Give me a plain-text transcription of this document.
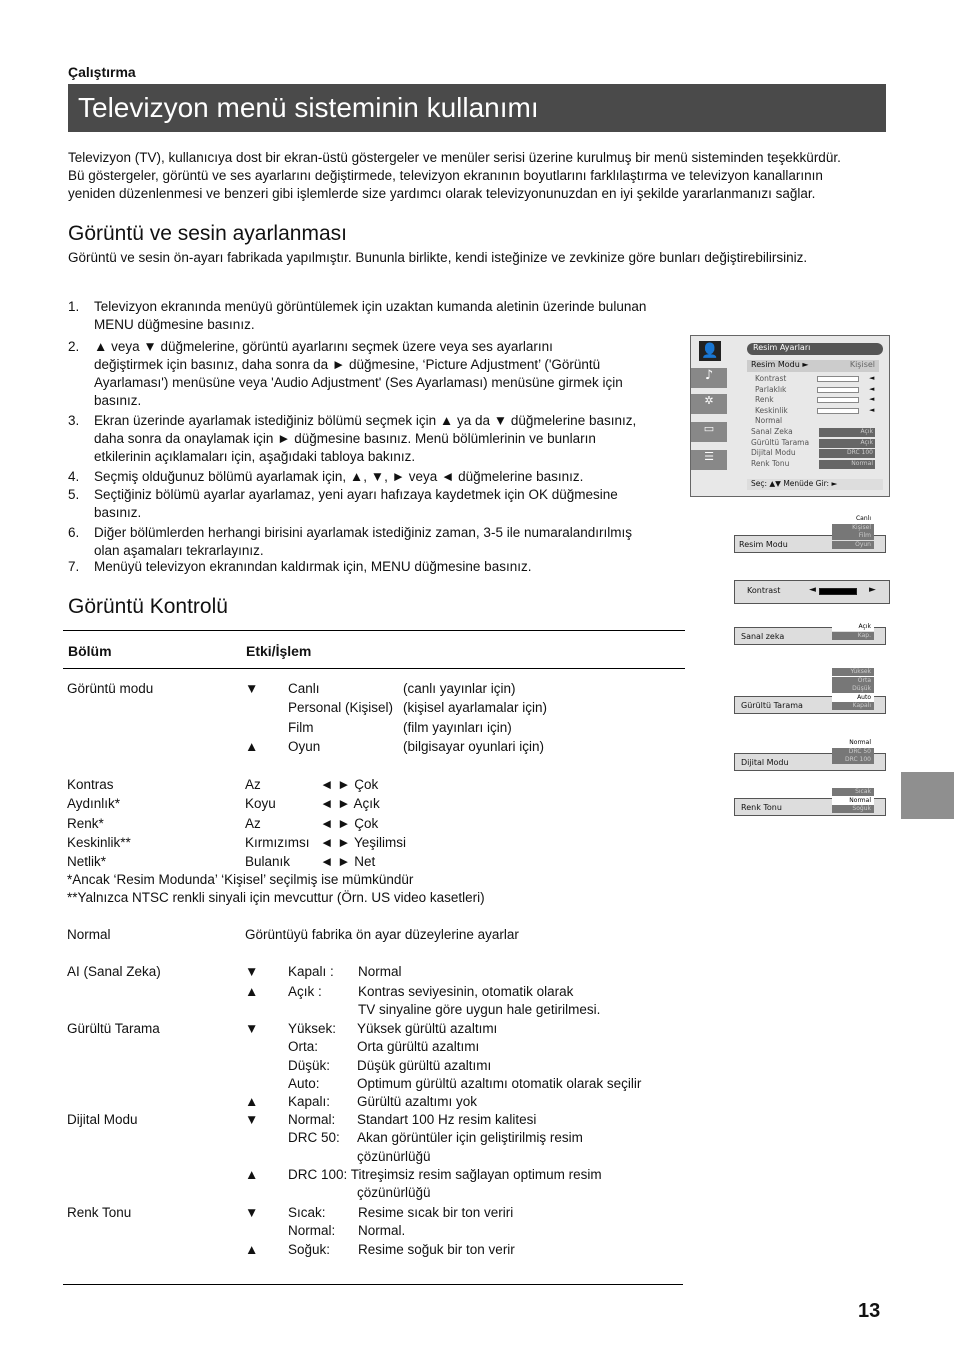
Çalıştırma
Televizyon menü sisteminin kullanımı
Televizyon (TV), kullanıcıya dost bir ekran-üstü göstergeler ve menüler serisi üzerine kurulmuş bir menü sisteminden teşekkürdür.
Bü göstergeler, görüntü ve ses ayarlarını değiştirmede, televizyon ekranının boyutlarını farklılaştırma ve televizyon kanallarının
yeniden düzenlenmesi ve benzeri gibi işlemlerde size yardımcı olarak televizyonunuzdan en iyi şekilde yararlanmanızı sağlar.
Görüntü ve sesin ayarlanması
Görüntü ve sesin ön-ayarı fabrikada yapılmıştır. Bununla birlikte, kendi isteğinize ve zevkinize göre bunları değiştirebilirsiniz.
1. Televizyon ekranında menüyü görüntülemek için uzaktan kumanda aletinin üzerinde bulunan
MENU düğmesine basınız.
2. ▲ veya ▼ düğmelerine, görüntü ayarlarını seçmek üzere veya ses ayarlarını
değiştirmek için basınız, daha sonra da ► düğmesine, ‘Picture Adjustment’ ('Görüntü
Ayarlaması') menüsüne veya 'Audio Adjustment' (Ses Ayarlaması) menüsüne girmek için
basınız.
3. Ekran üzerinde ayarlamak istediğiniz bölümü seçmek için ▲ ya da ▼ düğmelerine basınız,
daha sonra da onaylamak için ► düğmesine basınız. Menü bölümlerinin ve bunların
etkilerinin açıklamaları için, aşağıdaki tabloya bakınız.
4. Seçmiş olduğunuz bölümü ayarlamak için, ▲, ▼, ► veya ◄ düğmelerine basınız.
5. Seçtiğiniz bölümü ayarlar ayarlamaz, yeni ayarı hafızaya kaydetmek için OK düğmesine
basınız.
6. Diğer bölümlerden herhangi birisini ayarlamak istediğiniz zaman, 3-5 ile numaralandırılmış
olan aşamaları tekrarlayınız.
7. Menüyü televizyon ekranından kaldırmak için, MENU düğmesine basınız.
Görüntü Kontrolü
Bölüm	Etki/İşlem
Görüntü modu	▼ Canlı	(canlı yayınlar için)
Personal (Kişisel) (kişisel ayarlamalar için)
Film	(film yayınları için)
▲ Oyun	(bilgisayar oyunlari için)
Kontras	Az	◄ ► Çok
Aydınlık*	Koyu	◄ ► Açık
Renk*	Az	◄ ► Çok
Keskinlik**	Kırmızımsı ◄ ► Yeşilimsi
Netlik*	Bulanık ◄ ► Net
*Ancak ‘Resim Modunda’ ‘Kişisel’ seçilmiş ise mümkündür
**Yalnızca NTSC renkli sinyali için mevcuttur (Örn. US video kasetleri)
Normal	Görüntüyü fabrika ön ayar düzeylerine ayarlar
AI (Sanal Zeka)	▼ Kapalı : Normal
▲ Açık :	Kontras seviyesinin, otomatik olarak
TV sinyaline göre uygun hale getirilmesi.
Gürültü Tarama	▼ Yüksek: Yüksek gürültü azaltımı
Orta:	Orta gürültü azaltımı
Düşük: Düşük gürültü azaltımı
Auto:	Optimum gürültü azaltımı otomatik olarak seçilir
▲ Kapalı: Gürültü azaltımı yok
Dijital Modu	▼ Normal: Standart 100 Hz resim kalitesi
DRC 50: Akan görüntüler için geliştirilmiş resim
çözünürlüğü
▲ DRC 100: Titreşimsiz resim sağlayan optimum resim
çözünürlüğü
Renk Tonu	▼ Sıcak: Resime sıcak bir ton veriri
Normal: Normal.
▲ Soğuk: Resime soğuk bir ton verir
👤
♪
✲
▭
☰
Resim Ayarları
Resim Modu ►	Kişisel
Seç: ▲▼ Menüde Gir: ►
Kontrast	◄
Parlaklık	◄
Renk	◄
Keskinlik	◄
Normal
Sanal Zeka
Gürültü Tarama
Dijital Modu
Renk Tonu
Açık
Açık
DRC 100
Normal
Resim Modu
Canlı
Kişisel
Film
Oyun
Kontrast	◄	►
Sanal zeka
Açık
Kap.
Gürültü Tarama
Yüksek
Orta
Düşük
Auto
Kapalı
Dijital Modu
Normal
DRC 50
DRC 100
Renk Tonu
Sıcak
Normal
Soğuk
13
